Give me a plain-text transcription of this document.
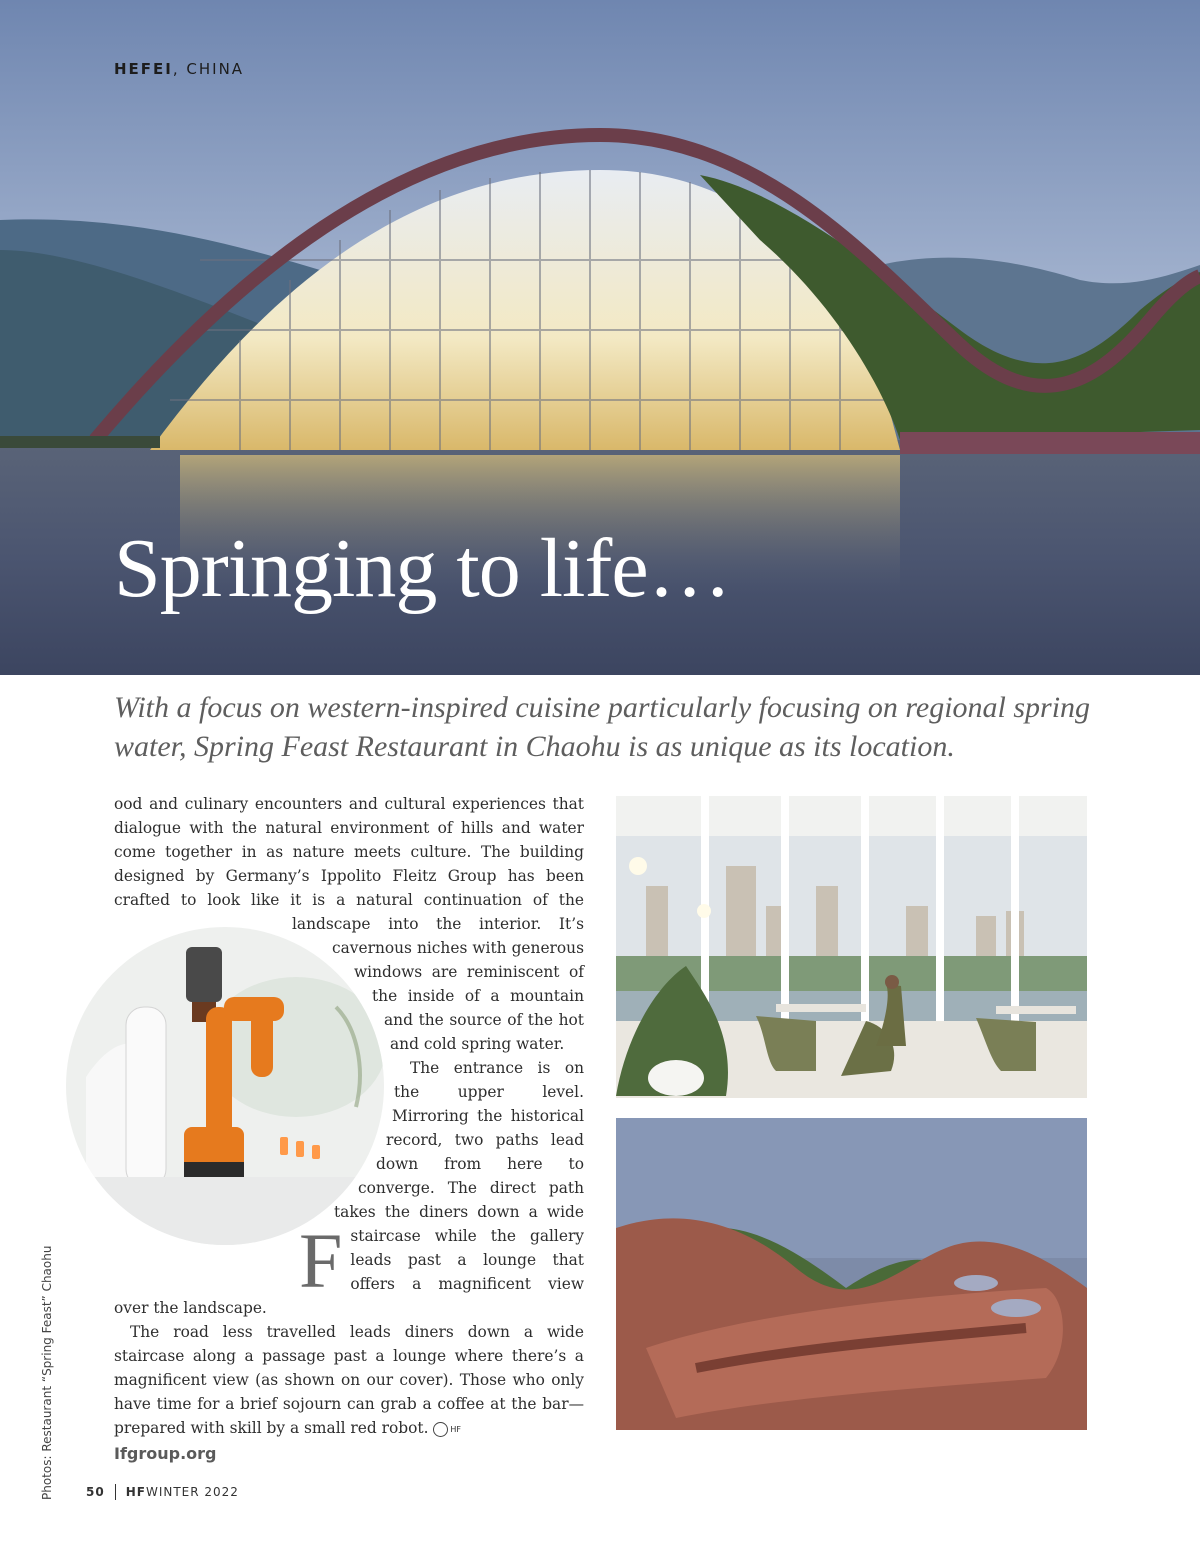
HEFEI, CHINA
Springing to life…
With a focus on western-inspired cuisine particularly focusing on regional spring water, Spring Feast Restaurant in Chaohu is as unique as its location.

F
ood and culinary encounters and cultural experiences that dialogue with the natural environment of hills and water come together in as nature meets culture. The building designed by Germany’s Ippolito Fleitz Group has been crafted to look like it is a natural continuation of the landscape into the interior. It’s cavernous niches with generous windows are reminiscent of the inside of a mountain and the source of the hot and cold spring water.

The entrance is on the upper level. Mirroring the historical record, two paths lead down from here to converge. The direct path takes the diners down a wide staircase while the gallery leads past a lounge that offers a magnificent view over the landscape.

The road less travelled leads diners down a wide staircase along a passage past a lounge where there’s a magnificent view (as shown on our cover). Those who only have time for a brief sojourn can grab a coffee at the bar—prepared with skill by a small red robot.	HF

Ifgroup.org
Photos: Restaurant “Spring Feast” Chaohu	50 HFWINTER 2022
